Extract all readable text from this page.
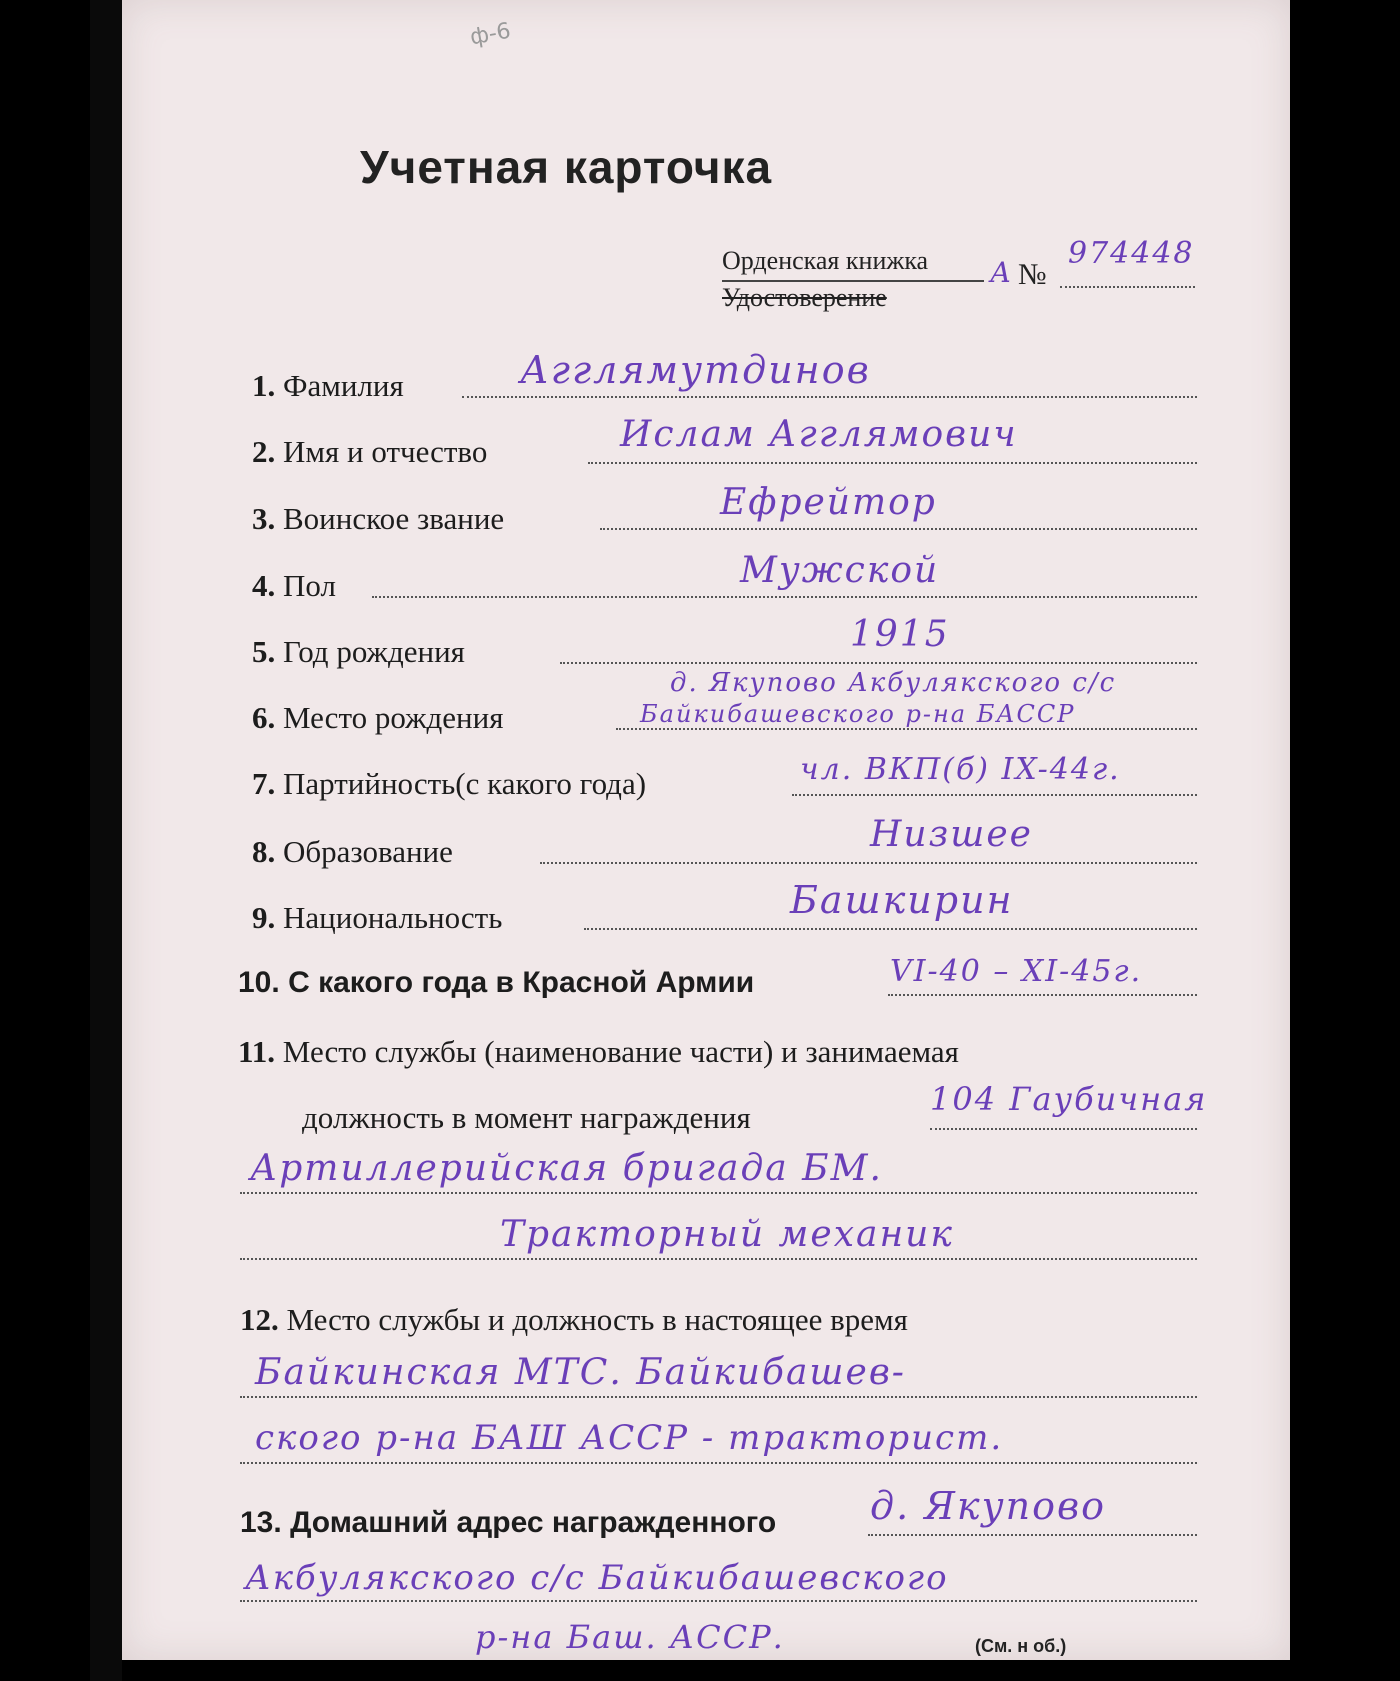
ф-6
Учетная карточка
Орденская книжка
Удостоверение
А №
974448
1. Фамилия	Агглямутдинов
2. Имя и отчество	Ислам Агглямович
3. Воинское звание	Ефрейтор
4. Пол	Мужской
5. Год рождения	1915
6. Место рождения
д. Якупово Акбулякского с/с
Байкибашевского р-на БАССР
7. Партийность(с какого года)	чл. ВКП(б) IX-44г.
8. Образование	Низшее
9. Национальность	Башкирин
10. С какого года в Красной Армии	VI-40 – XI-45г.
11. Место службы (наименование части) и занимаемая
должность в момент награждения	104 Гаубичная
Артиллерийская бригада БМ.
Тракторный механик
12. Место службы и должность в настоящее время
Байкинская МТС. Байкибашев-
ского р-на БАШ АССР - тракторист.
13. Домашний адрес награжденного д. Якупово
Акбулякского с/с Байкибашевского
р-на Баш. АССР.	(См. н об.)
